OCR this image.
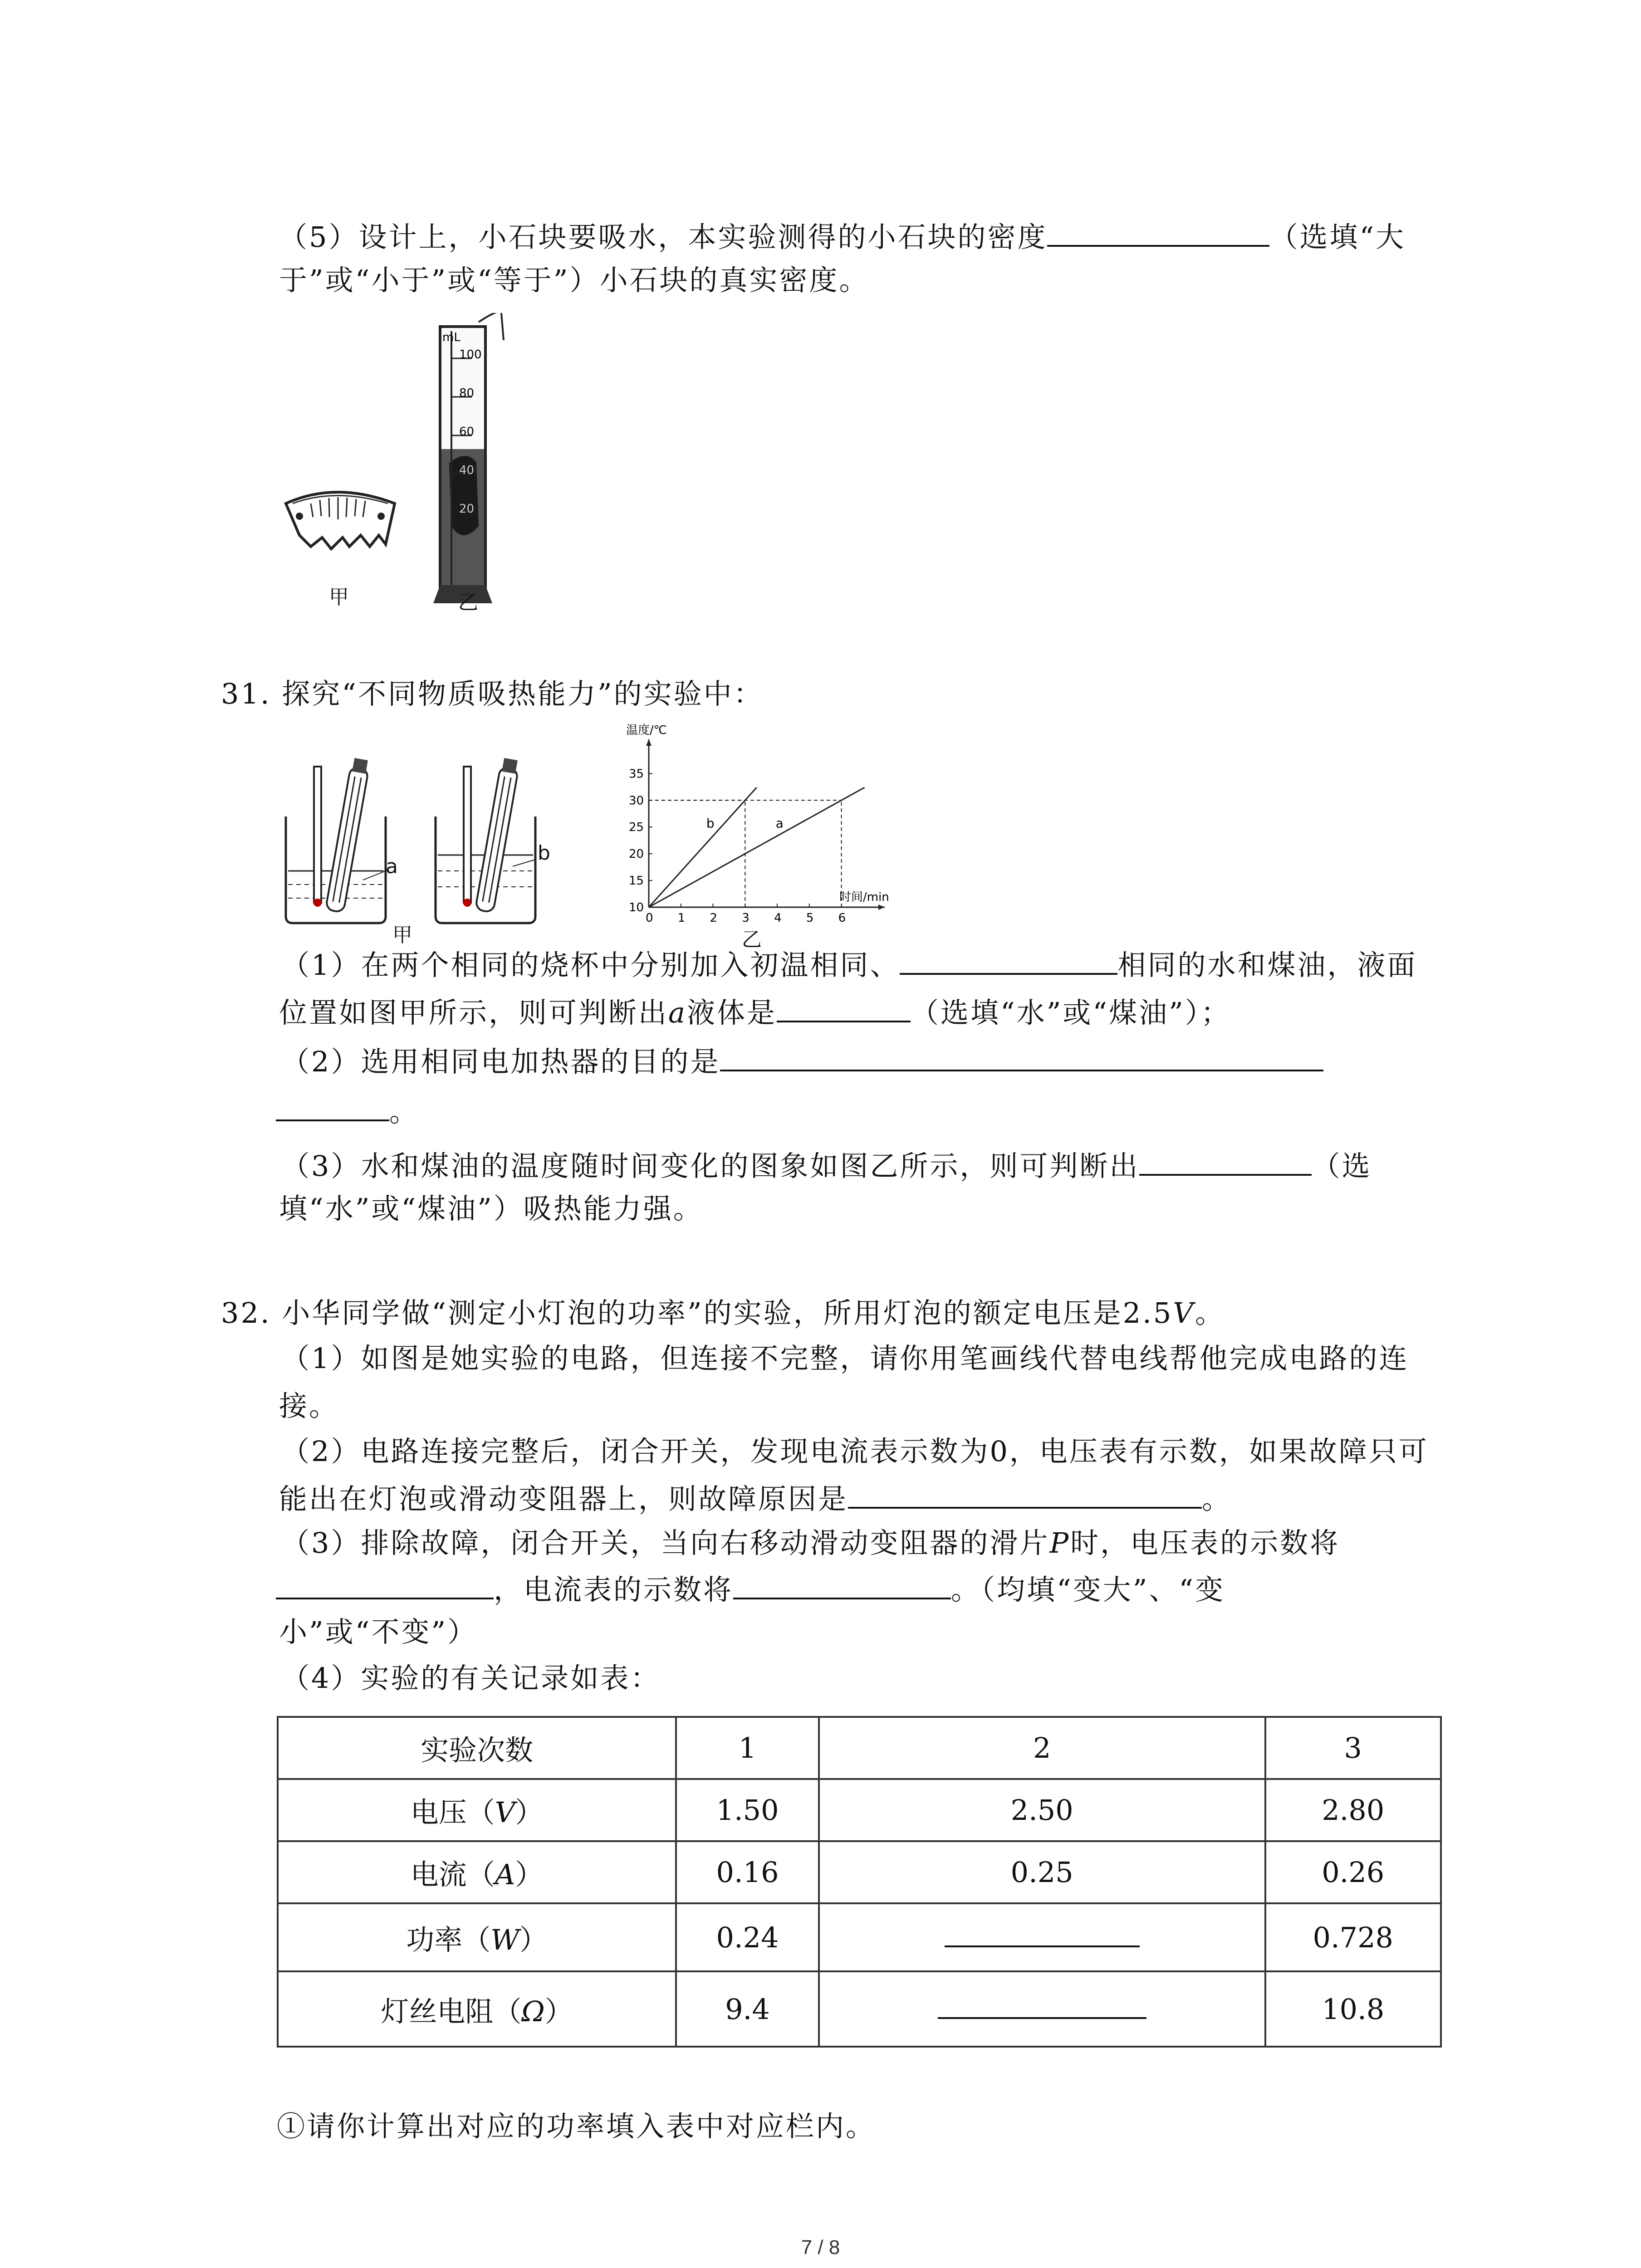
（5）设计上，小石块要吸水，本实验测得的小石块的密度	（选填“大
于”或“小于”或“等于”）小石块的真实密度。
mL
100
80
60
40
20
甲	乙
31. 探究“不同物质吸热能力”的实验中：
a
b
甲
0 1 2 3 4 5 6
10
15
20
25
30
35
温度/℃
时间/min
b	a
乙
（1）在两个相同的烧杯中分别加入初温相同、	相同的水和煤油，液面
位置如图甲所示，则可判断出a液体是	（选填“水”或“煤油”）；
（2）选用相同电加热器的目的是
。
（3）水和煤油的温度随时间变化的图象如图乙所示，则可判断出	（选
填“水”或“煤油”）吸热能力强。
32. 小华同学做“测定小灯泡的功率”的实验，所用灯泡的额定电压是2.5V。
（1）如图是她实验的电路，但连接不完整，请你用笔画线代替电线帮他完成电路的连
接。
（2）电路连接完整后，闭合开关，发现电流表示数为0，电压表有示数，如果故障只可
能出在灯泡或滑动变阻器上，则故障原因是	。
（3）排除故障，闭合开关，当向右移动滑动变阻器的滑片P时，电压表的示数将
，电流表的示数将	。（均填“变大”、“变
小”或“不变”）
（4）实验的有关记录如表：
实验次数	1	2	3
电压（V）	1.50	2.50	2.80
电流（A）	0.16	0.25	0.26
功率（W）	0.24		0.728
灯丝电阻（Ω）	9.4		10.8
①请你计算出对应的功率填入表中对应栏内。
7 / 8
